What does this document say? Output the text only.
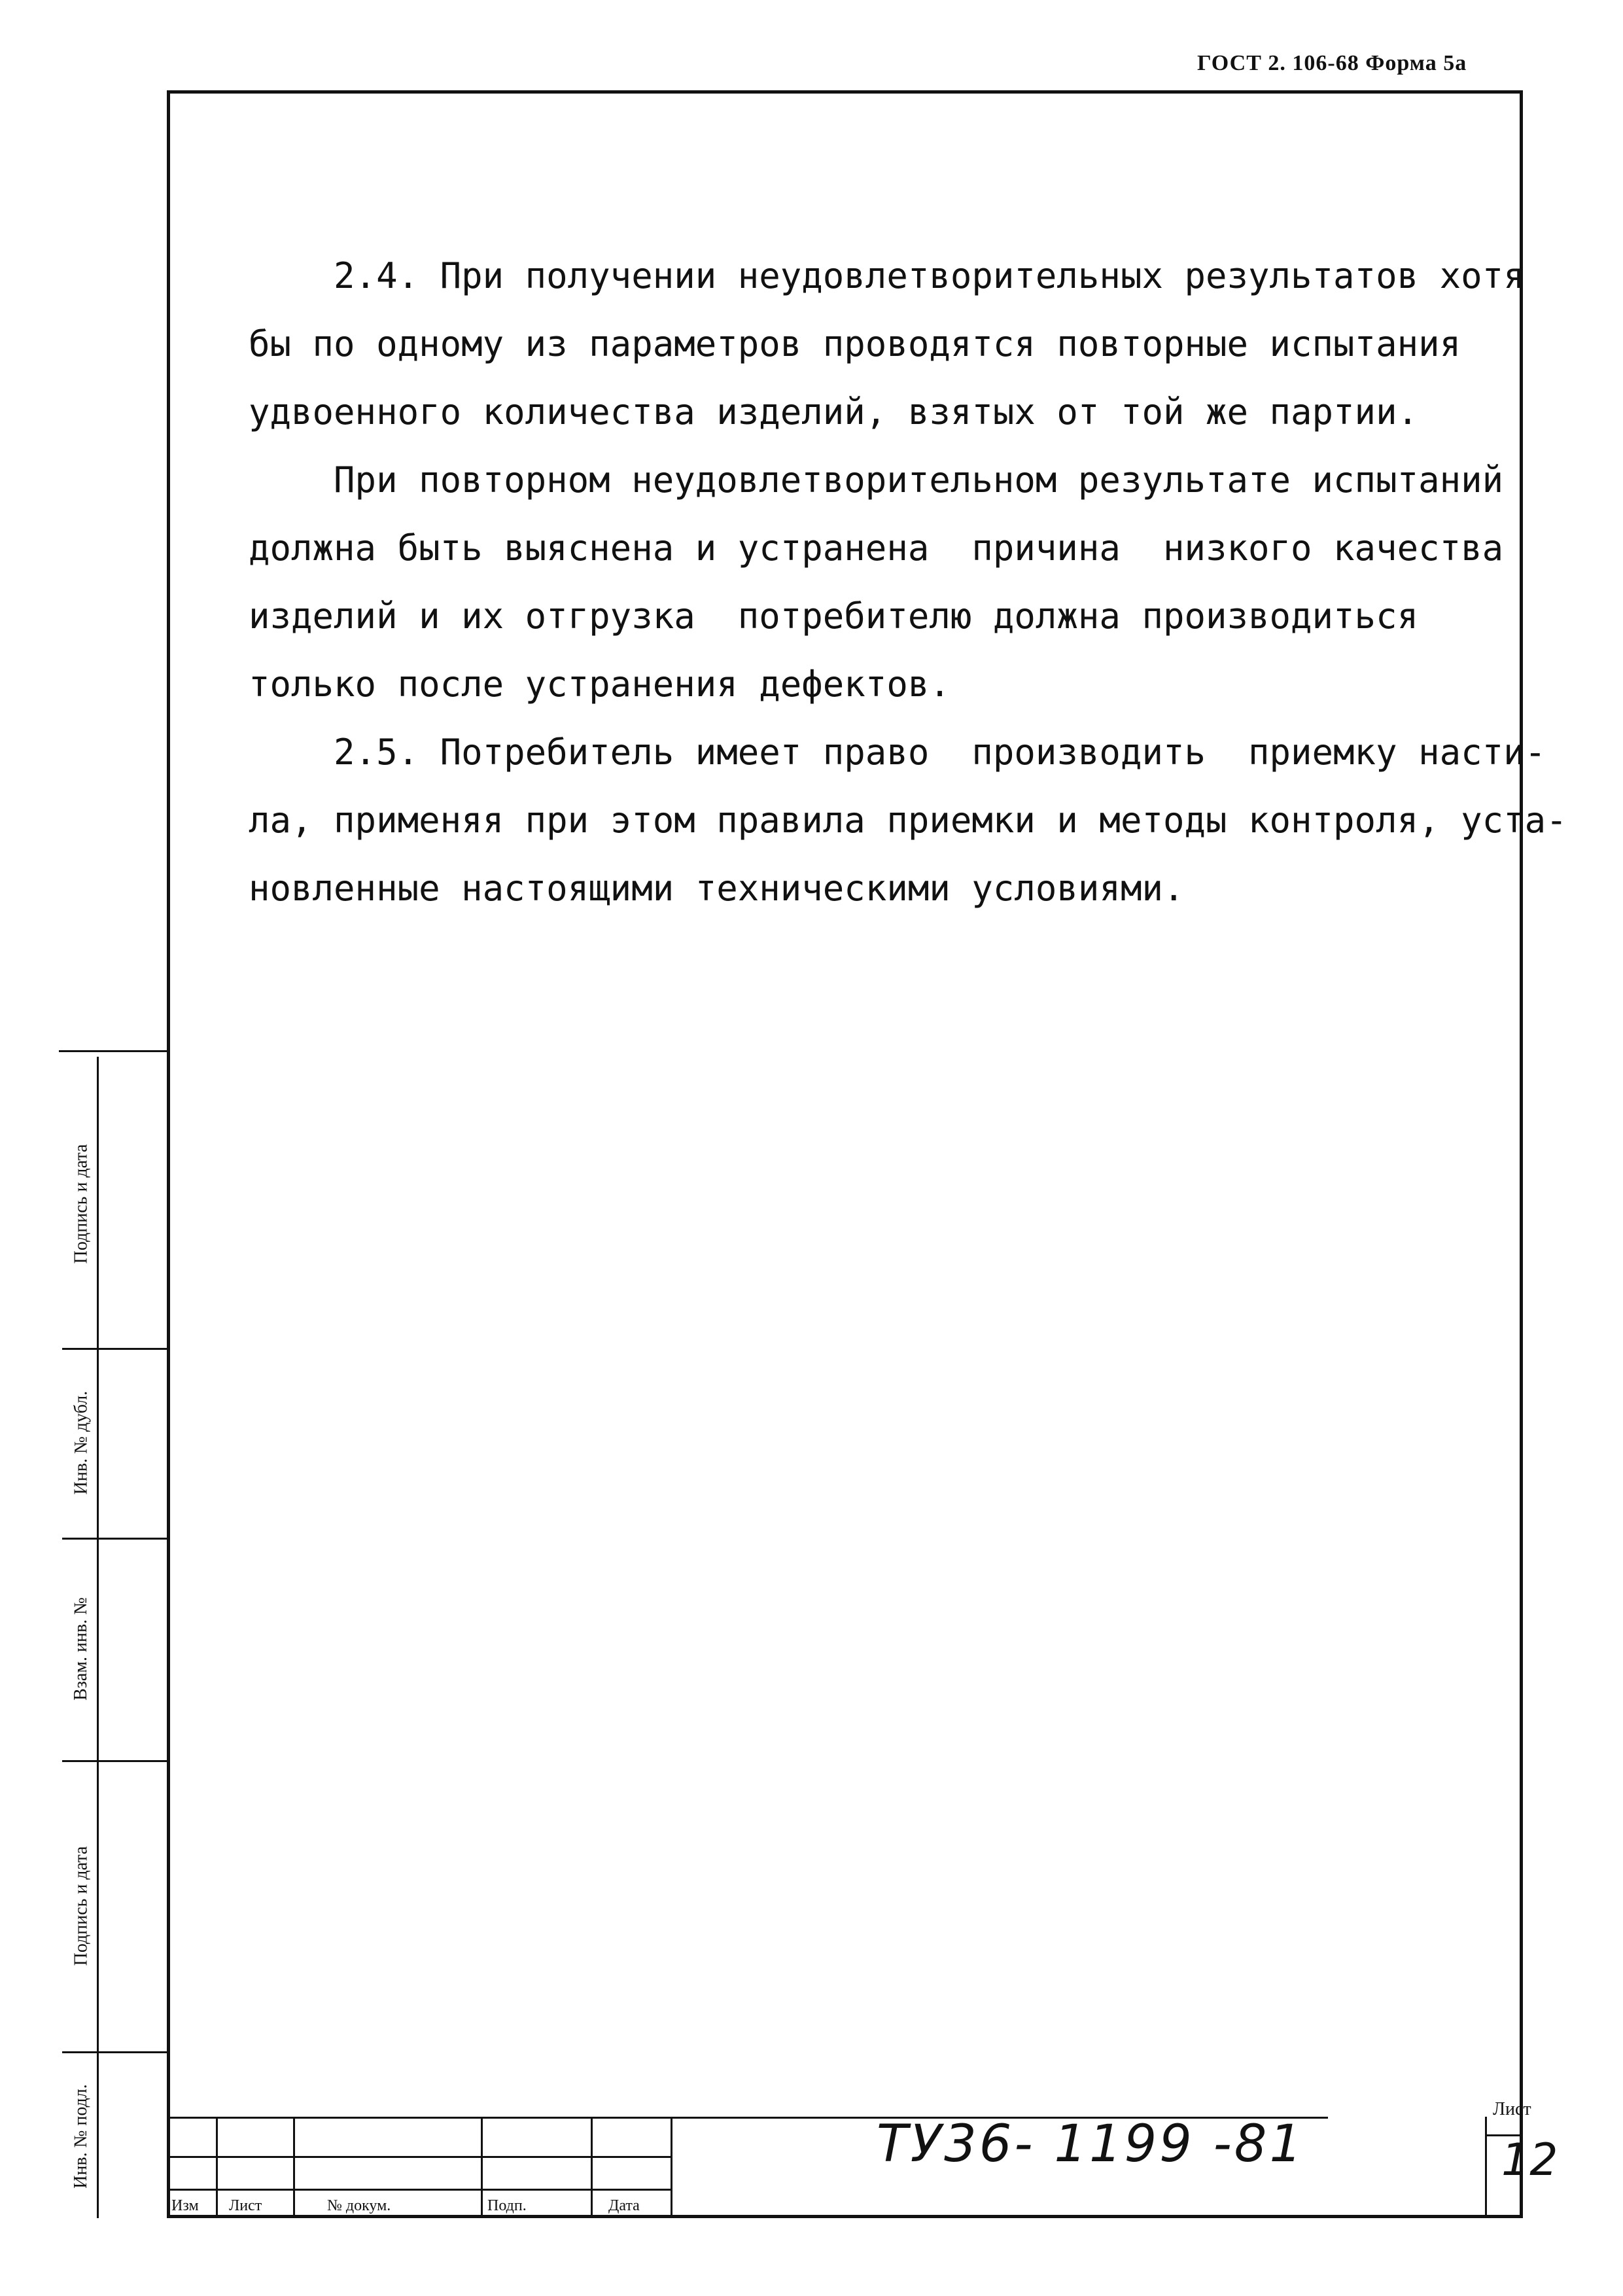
ГОСТ 2. 106-68 Форма 5а
2.4. При получении неудовлетворительных результатов хотя
бы по одному из параметров проводятся повторные испытания
удвоенного количества изделий, взятых от той же партии.
При повторном неудовлетворительном результате испытаний
должна быть выяснена и устранена  причина  низкого качества
изделий и их отгрузка  потребителю должна производиться
только после устранения дефектов.
2.5. Потребитель имеет право  производить  приемку насти-
ла, применяя при этом правила приемки и методы контроля, уста-
новленные настоящими техническими условиями.
Подпись и дата
Инв. № дубл.
Взам. инв. №
Подпись и дата
Инв. № подл.
Изм Лист	№ докум.	Подп.	Дата
ТУ36- 1199 -81
Лист
12
